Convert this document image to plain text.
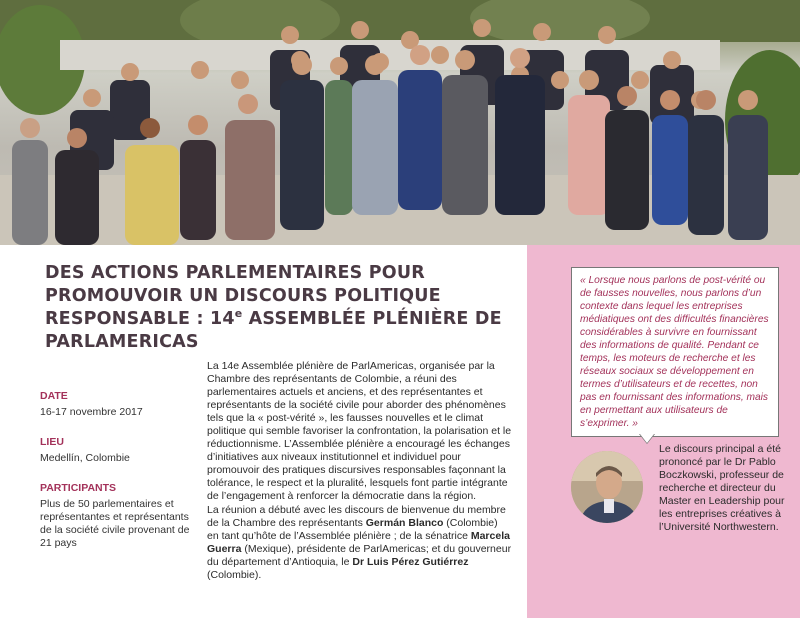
DES ACTIONS PARLEMENTAIRES POUR
PROMOUVOIR UN DISCOURS POLITIQUE
RESPONSABLE : 14e ASSEMBLÉE PLÉNIÈRE DE
PARLAMERICAS
DATE
16-17 novembre 2017
LIEU
Medellín, Colombie
PARTICIPANTS
Plus de 50 parlementaires et représentantes et représentants de la société civile provenant de 21 pays

La 14e Assemblée plénière de ParlAmericas, organisée par la Chambre des représentants de Colombie, a réuni des parlementaires actuels et anciens, et des représentantes et représentants de la société civile pour aborder des phénomènes tels que la « post-vérité », les fausses nouvelles et le climat politique qui semble favoriser la confrontation, la polarisation et le réductionnisme. L’Assemblée plénière a encouragé les échanges d’initiatives aux niveaux institutionnel et individuel pour promouvoir des pratiques discursives responsables façonnant la tolérance, le respect et la pluralité, lesquels font partie intégrante de l’engagement à renforcer la démocratie dans la région.

La réunion a débuté avec les discours de bienvenue du membre de la Chambre des représentants Germán Blanco (Colombie) en tant qu’hôte de l’Assemblée plénière ; de la sénatrice Marcela Guerra (Mexique), présidente de ParlAmericas; et du gouverneur du département d’Antioquia, le Dr Luis Pérez Gutiérrez (Colombie).

« Lorsque nous parlons de post-vérité ou de fausses nouvelles, nous parlons d’un contexte dans lequel les entreprises médiatiques ont des difficultés financières considérables à survivre en fournissant des informations de qualité. Pendant ce temps, les moteurs de recherche et les réseaux sociaux se développement en termes d’utilisateurs et de recettes, non pas en fournissant des informations, mais en permettant aux utilisateurs de s’exprimer. »
Le discours principal a été prononcé par le Dr Pablo Boczkowski, professeur de recherche et directeur du Master en Leadership pour les entreprises créatives à l’Université Northwestern.
